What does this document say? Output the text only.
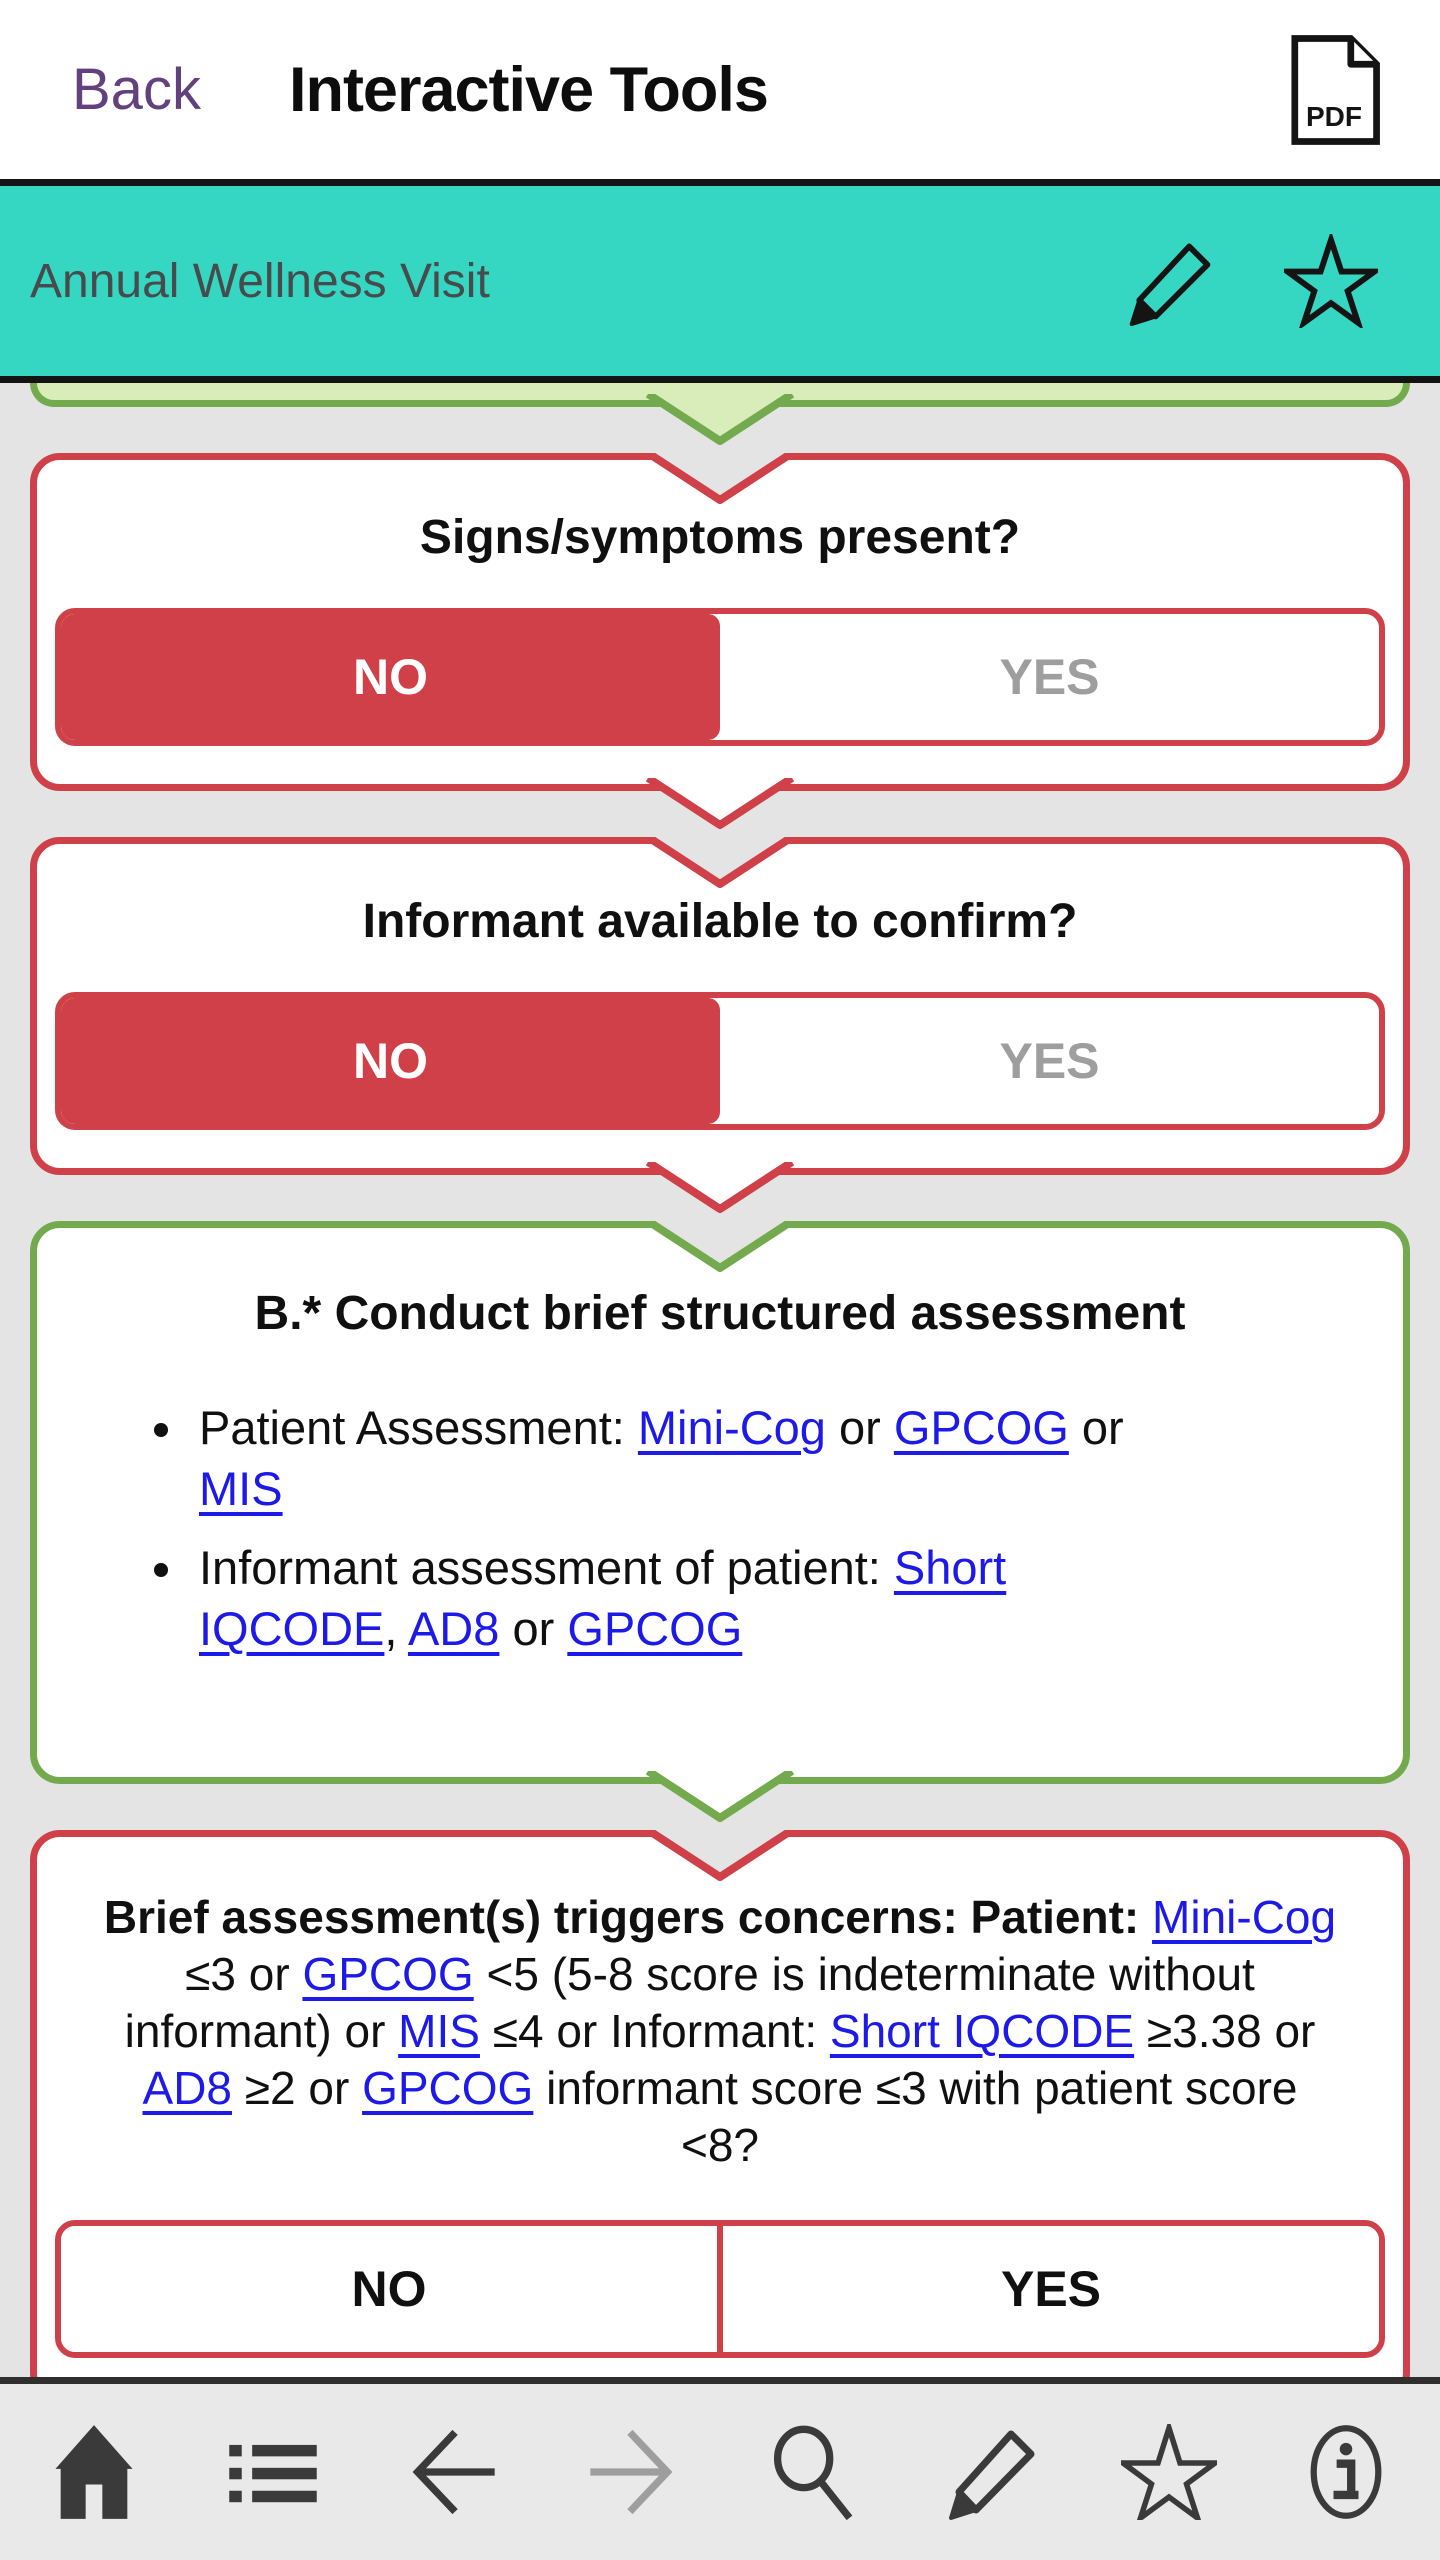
Back Interactive Tools	PDF
Annual Wellness Visit
Signs/symptoms present?
NO	YES
Informant available to confirm?
NO	YES
B.* Conduct brief structured assessment
• Patient Assessment: Mini-Cog or GPCOG or MIS
• Informant assessment of patient: Short IQCODE, AD8 or GPCOG
Brief assessment(s) triggers concerns: Patient: Mini-Cog ≤3 or GPCOG <5 (5-8 score is indeterminate without informant) or MIS ≤4 or Informant: Short IQCODE ≥3.38 or AD8 ≥2 or GPCOG informant score ≤3 with patient score <8?
NO	YES
